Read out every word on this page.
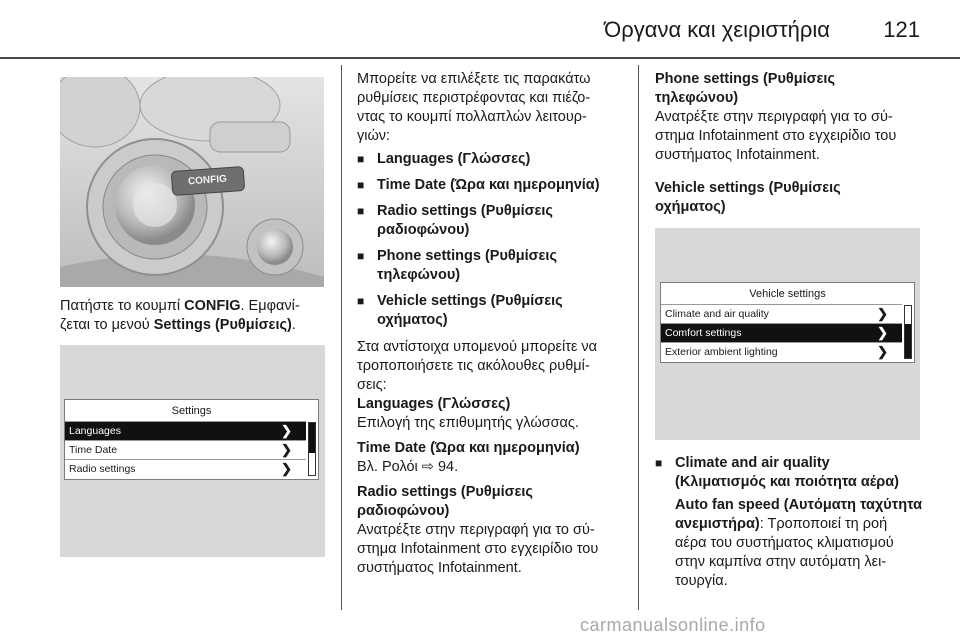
Όργανα και χειριστήρια 121
CONFIG

Πατήστε το κουμπί CONFIG. Εμφανί-

ζεται το μενού Settings (Ρυθμίσεις).

Settings
Languages	❯
Time Date	❯
Radio settings	❯

Μπορείτε να επιλέξετε τις παρακάτω

ρυθμίσεις περιστρέφοντας και πιέζο-

ντας το κουμπί πολλαπλών λειτουρ-

γιών:

■ Languages (Γλώσσες)
■ Time Date (Ώρα και ημερομηνία)
■ Radio settings (Ρυθμίσεις ραδιοφώνου)
■ Phone settings (Ρυθμίσεις τηλεφώνου)
■ Vehicle settings (Ρυθμίσεις οχήματος)

Στα αντίστοιχα υπομενού μπορείτε να

τροποποιήσετε τις ακόλουθες ρυθμί-

σεις:

Languages (Γλώσσες)

Επιλογή της επιθυμητής γλώσσας.

Time Date (Ώρα και ημερομηνία)

Βλ. Ρολόι ⇨ 94.

Radio settings (Ρυθμίσεις
ραδιοφώνου)

Ανατρέξτε στην περιγραφή για το σύ-

στημα Infotainment στο εγχειρίδιο του

συστήματος Infotainment.

Phone settings (Ρυθμίσεις
τηλεφώνου)

Ανατρέξτε στην περιγραφή για το σύ-

στημα Infotainment στο εγχειρίδιο του

συστήματος Infotainment.

Vehicle settings (Ρυθμίσεις
οχήματος)

Vehicle settings
Climate and air quality	❯
Comfort settings	❯
Exterior ambient lighting	❯
■ Climate and air quality
(Κλιματισμός και ποιότητα αέρα)

Auto fan speed (Αυτόματη ταχύτητα

ανεμιστήρα): Τροποποιεί τη ροή

αέρα του συστήματος κλιματισμού

στην καμπίνα στην αυτόματη λει-

τουργία.

carmanualsonline.info
